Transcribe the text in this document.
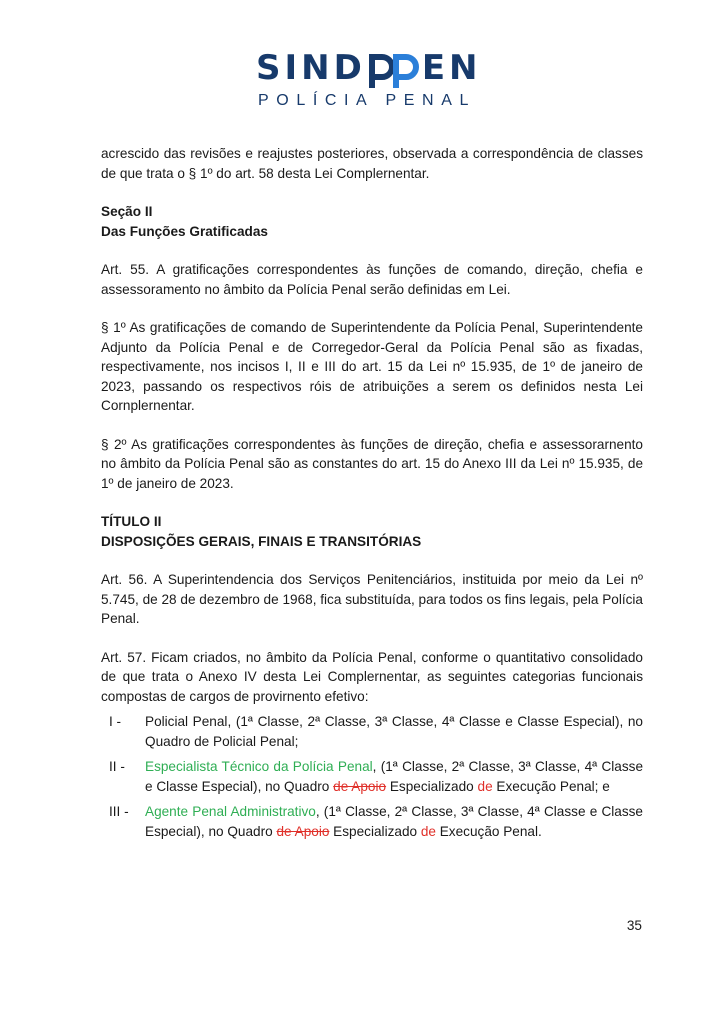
SIND EN
POLÍCIA PENAL

acrescido das revisões e reajustes posteriores, observada a correspondência de classes de que trata o § 1º do art. 58 desta Lei Complernentar.

Seção II

Das Funções Gratificadas

Art. 55. A gratificações correspondentes às funções de comando, direção, chefia e assessoramento no âmbito da Polícia Penal serão definidas em Lei.

§ 1º As gratificações de comando de Superintendente da Polícia Penal, Superintendente Adjunto da Polícia Penal e de Corregedor-Geral da Polícia Penal são as fixadas, respectivamente, nos incisos I, II e III do art. 15 da Lei nº 15.935, de 1º de janeiro de 2023, passando os respectivos róis de atribuições a serem os definidos nesta Lei Cornplernentar.

§ 2º As gratificações correspondentes às funções de direção, chefia e assessorarnento no âmbito da Polícia Penal são as constantes do art. 15 do Anexo III da Lei nº 15.935, de 1º de janeiro de 2023.

TÍTULO II

DISPOSIÇÕES GERAIS, FINAIS E TRANSITÓRIAS

Art. 56. A Superintendencia dos Serviços Penitenciários, instituida por meio da Lei nº 5.745, de 28 de dezembro de 1968, fica substituída, para todos os fins legais, pela Polícia Penal.

Art. 57. Ficam criados, no âmbito da Polícia Penal, conforme o quantitativo consolidado de que trata o Anexo IV desta Lei Complernentar, as seguintes categorias funcionais compostas de cargos de provirnento efetivo:

I -	Policial Penal, (1ª Classe, 2ª Classe, 3ª Classe, 4ª Classe e Classe Especial), no Quadro de Policial Penal;
II -	Especialista Técnico da Polícia Penal, (1ª Classe, 2ª Classe, 3ª Classe, 4ª Classe e Classe Especial), no Quadro de Apoio Especializado de Execução Penal; e
III -	Agente Penal Administrativo, (1ª Classe, 2ª Classe, 3ª Classe, 4ª Classe e Classe Especial), no Quadro de Apoio Especializado de Execução Penal.
35
